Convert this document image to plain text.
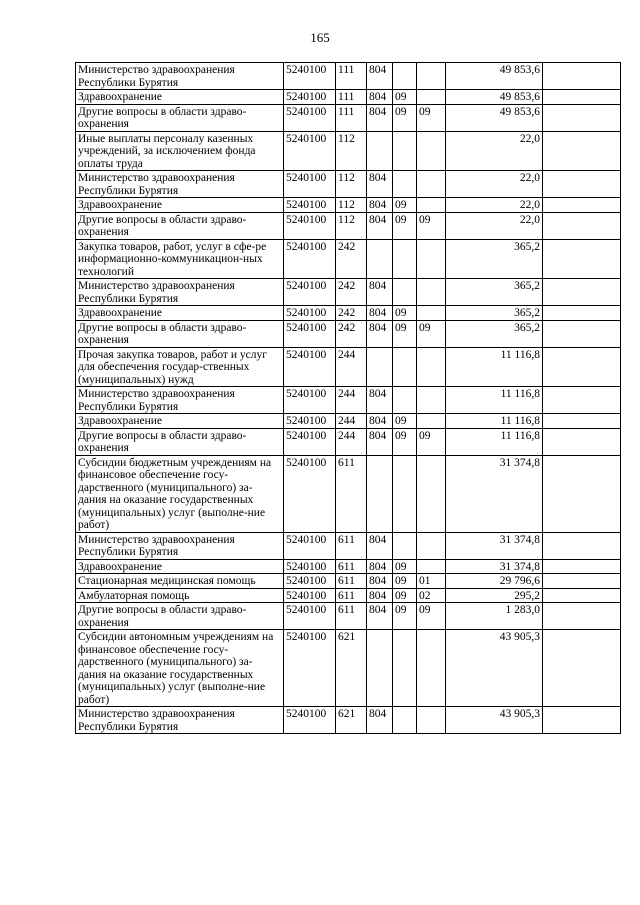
165
Министерство здравоохранения Республики Бурятия	5240100	111	804			49 853,6	
Здравоохранение	5240100	111	804	09		49 853,6	
Другие вопросы в области здраво-охранения	5240100	111	804	09	09	49 853,6	
Иные выплаты персоналу казенных учреждений, за исключением фонда оплаты труда	5240100	112				22,0	
Министерство здравоохранения Республики Бурятия	5240100	112	804			22,0	
Здравоохранение	5240100	112	804	09		22,0	
Другие вопросы в области здраво-охранения	5240100	112	804	09	09	22,0	
Закупка товаров, работ, услуг в сфе-ре информационно-коммуникацион-ных технологий	5240100	242				365,2	
Министерство здравоохранения Республики Бурятия	5240100	242	804			365,2	
Здравоохранение	5240100	242	804	09		365,2	
Другие вопросы в области здраво-охранения	5240100	242	804	09	09	365,2	
Прочая закупка товаров, работ и услуг для обеспечения государ-ственных (муниципальных) нужд	5240100	244				11 116,8	
Министерство здравоохранения Республики Бурятия	5240100	244	804			11 116,8	
Здравоохранение	5240100	244	804	09		11 116,8	
Другие вопросы в области здраво-охранения	5240100	244	804	09	09	11 116,8	
Субсидии бюджетным учреждениям на финансовое обеспечение госу-дарственного (муниципального) за-дания на оказание государственных (муниципальных) услуг (выполне-ние работ)	5240100	611				31 374,8	
Министерство здравоохранения Республики Бурятия	5240100	611	804			31 374,8	
Здравоохранение	5240100	611	804	09		31 374,8	
Стационарная медицинская помощь	5240100	611	804	09	01	29 796,6	
Амбулаторная помощь	5240100	611	804	09	02	295,2	
Другие вопросы в области здраво-охранения	5240100	611	804	09	09	1 283,0	
Субсидии автономным учреждениям на финансовое обеспечение госу-дарственного (муниципального) за-дания на оказание государственных (муниципальных) услуг (выполне-ние работ)	5240100	621				43 905,3	
Министерство здравоохранения Республики Бурятия	5240100	621	804			43 905,3	
